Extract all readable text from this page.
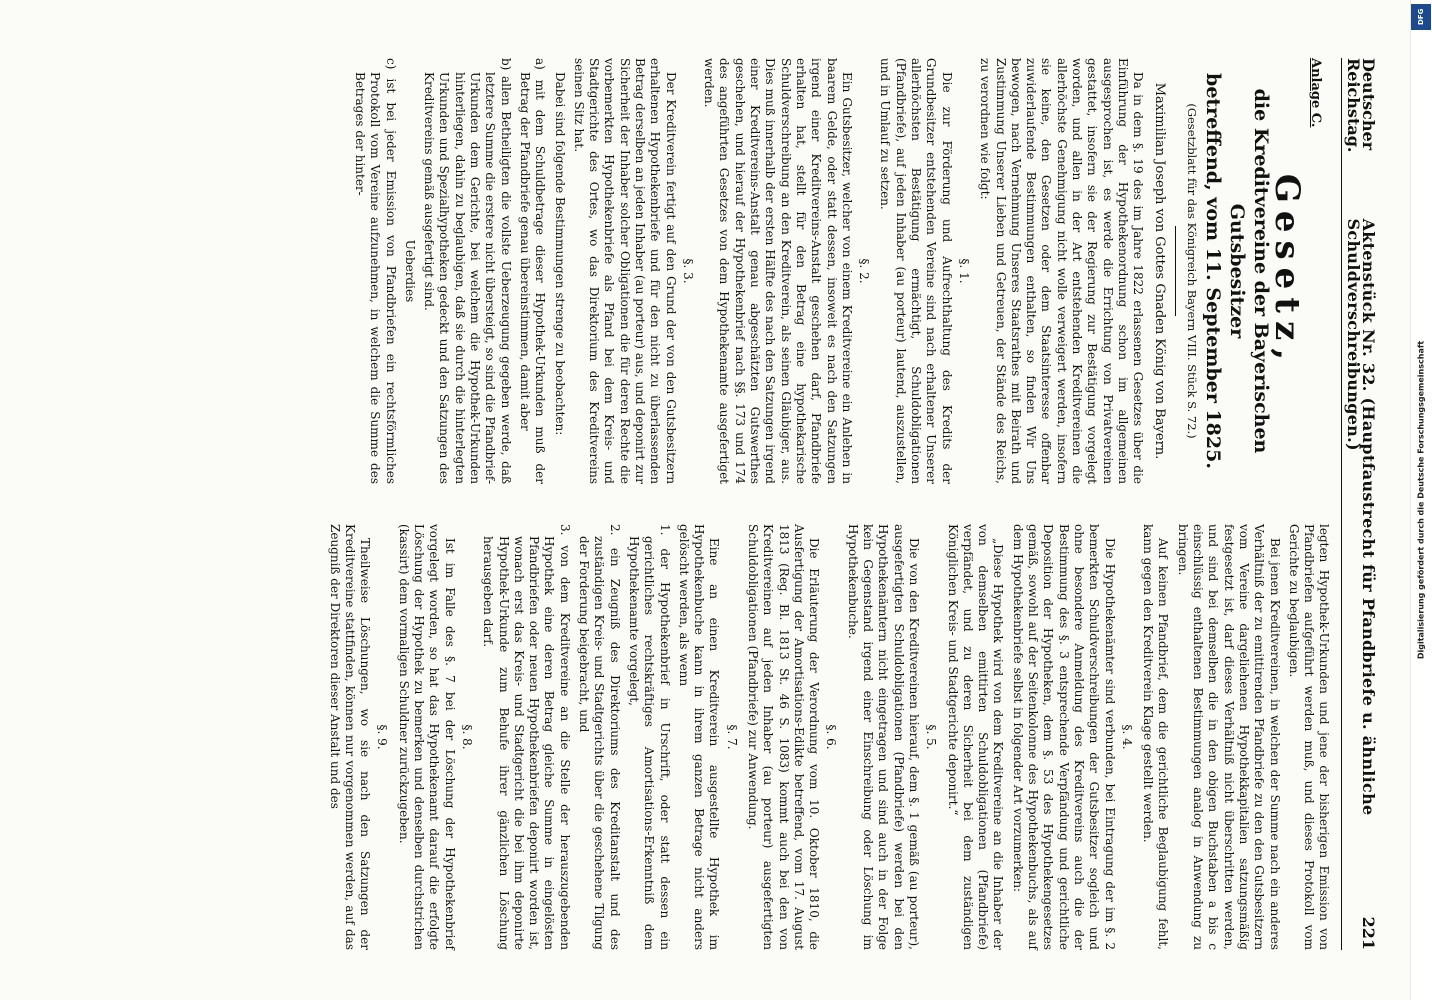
Deutscher Reichstag.
Aktenstück Nr. 32. (Hauptfaustrecht für Pfandbriefe u. ähnliche Schuldverschreibungen.)
221
Anlage C.
Gesetz,
die Kreditvereine der Bayerischen Gutsbesitzer
betreffend, vom 11. September 1825.
(Gesetzblatt für das Königreich Bayern VIII. Stück S. 72.)
Maximilian Joseph von Gottes Gnaden König von Bayern.

Da in dem §. 19 des im Jahre 1822 erlassenen Gesetzes über die Einführung der Hypothekenordnung schon im allgemeinen ausgesprochen ist, es werde die Errichtung von Privatvereinen gestattet, insofern sie der Regierung zur Bestätigung vorgelegt worden, und allen in der Art entstehenden Kreditvereinen die allerhöchste Genehmigung nicht wolle verweigert werden, insofern sie keine, den Gesetzen oder dem Staatsinteresse offenbar zuwiderlaufende Bestimmungen enthalten, so finden Wir Uns bewogen, nach Vernehmung Unseres Staatsrathes mit Beirath und Zustimmung Unserer Lieben und Getreuen, der Stände des Reichs, zu verordnen wie folgt:

§. 1.

Die zur Förderung und Aufrechthaltung des Kredits der Grundbesitzer entstehenden Vereine sind nach erhaltener Unserer allerhöchsten Bestätigung ermächtigt, Schuldobligationen (Pfandbriefe), auf jeden Inhaber (au porteur) lautend, auszustellen, und in Umlauf zu setzen.

§. 2.

Ein Gutsbesitzer, welcher von einem Kreditvereine ein Anlehen in baarem Gelde, oder statt dessen, insoweit es nach den Satzungen irgend einer Kreditvereins-Anstalt geschehen darf, Pfandbriefe erhalten hat, stellt für den Betrag eine hypothekarische Schuldverschreibung an den Kreditverein, als seinen Gläubiger, aus. Dies muß innerhalb der ersten Hälfte des nach den Satzungen irgend einer Kreditvereins-Anstalt genau abgeschätzten Gutswerthes geschehen, und hierauf der Hypothekenbrief nach §§. 173 und 174 des angeführten Gesetzes von dem Hypothekenamte ausgefertiget werden.

§. 3.

Der Kreditverein fertigt auf den Grund der von den Gutsbesitzern erhaltenen Hypothekenbriefe und für den nicht zu überlassenden Betrag derselben an jeden Inhaber (au porteur) aus, und deponirt zur Sicherheit der Inhaber solcher Obligationen die für deren Rechte die vorbemerkten Hypothekenbriefe als Pfand bei dem Kreis- und Stadtgerichte des Ortes, wo das Direktorium des Kreditvereins seinen Sitz hat.

Dabei sind folgende Bestimmungen strenge zu beobachten:

a) mit dem Schuldbetrage dieser Hypothek-Urkunden muß der Betrag der Pfandbriefe genau übereinstimmen, damit aber
b) allen Betheiligten die vollste Ueberzeugung gegeben werde, daß letztere Summe die erstere nicht übersteigt, so sind die Pfandbrief-Urkunden dem Gerichte, bei welchem die Hypothek-Urkunden hinterliegen, dahin zu beglaubigen, daß sie durch die hinterlegten Urkunden und Spezialhypotheken gedeckt und den Satzungen des Kreditvereins gemäß ausgefertigt sind.
Ueberdies
c) ist bei jeder Emission von Pfandbriefen ein rechtsförmliches Protokoll vom Vereine aufzunehmen, in welchem die Summe des Betrages der hinter-

legten Hypothek-Urkunden und jene der bisherigen Emission von Pfandbriefen aufgeführt werden muß, und dieses Protokoll vom Gerichte zu beglaubigen.

Bei jenen Kreditvereinen, in welchen der Summe nach ein anderes Verhältniß der zu emittirenden Pfandbriefe zu den den Gutsbesitzern vom Vereine dargeliehenen Hypothekkapitalien satzungsmäßig festgesetzt ist, darf dieses Verhältniß nicht überschritten werden, und sind bei demselben die in den obigen Buchstaben a bis c einschlüssig enthaltenen Bestimmungen analog in Anwendung zu bringen.

Auf keinen Pfandbrief, dem die gerichtliche Beglaubigung fehlt, kann gegen den Kreditverein Klage gestellt werden.

§. 4.

Die Hypothekenämter sind verbunden, bei Eintragung der im §. 2 bemerkten Schuldverschreibungen der Gutsbesitzer sogleich und ohne besondere Anmeldung des Kreditvereins auch die der Bestimmung des §. 3 entsprechende Verpfändung und gerichtliche Deposition der Hypotheken, dem §. 53 des Hypothekengesetzes gemäß, sowohl auf der Seitenkolonne des Hypothekenbuchs, als auf dem Hypothekenbriefe selbst in folgender Art vorzumerken:

„Diese Hypothek wird von dem Kreditvereine an die Inhaber der von demselben emittirten Schuldobligationen (Pfandbriefe) verpfändet, und zu deren Sicherheit bei dem zuständigen Königlichen Kreis- und Stadtgerichte deponirt.“

§. 5.

Die von den Kreditvereinen hierauf, dem §. 1 gemäß (au porteur), ausgefertigten Schuldobligationen (Pfandbriefe) werden bei den Hypothekenämtern nicht eingetragen und sind auch in der Folge kein Gegenstand irgend einer Einschreibung oder Löschung im Hypothekenbuche.

§. 6.

Die Erläuterung der Verordnung vom 10. Oktober 1810, die Ausfertigung der Amortisations-Edikte betreffend, vom 17. August 1813 (Reg. Bl. 1813 St. 46 S. 1083) kommt auch bei den von Kreditvereinen auf jeden Inhaber (au porteur) ausgefertigten Schuldobligationen (Pfandbriefe) zur Anwendung.

§. 7.

Eine an einen Kreditverein ausgestellte Hypothek im Hypothekenbuche kann in ihrem ganzen Betrage nicht anders gelöscht werden, als wenn

1. der Hypothekenbrief in Urschrift, oder statt dessen ein gerichtliches rechtskräftiges Amortisations-Erkenntniß dem Hypothekenamte vorgelegt,
2. ein Zeugniß des Direktoriums des Kreditanstalt und des zuständigen Kreis- und Stadtgerichts über die geschehene Tilgung der Forderung beigebracht, und
3. von dem Kreditvereine an die Stelle der herauszugebenden Hypothek eine deren Betrag gleiche Summe in eingelösten Pfandbriefen oder neuen Hypothekenbriefen deponirt worden ist, wonach erst das Kreis- und Stadtgericht die bei ihm deponirte Hypothek-Urkunde zum Behufe ihrer gänzlichen Löschung herausgeben darf.
§. 8.

Ist im Falle des §. 7 bei der Löschung der Hypothekenbrief vorgelegt worden, so hat das Hypothekenamt darauf die erfolgte Löschung der Hypothek zu bemerken und denselben durchstrichen (kassirt) dem vormaligen Schuldner zurückzugeben.

§. 9.

Theilweise Löschungen, wo sie nach den Satzungen der Kreditvereine stattfinden, können nur vorgenommen werden, auf das Zeugniß der Direktoren dieser Anstalt und des

DFG
Digitalisierung gefördert durch die Deutsche Forschungsgemeinschaft
